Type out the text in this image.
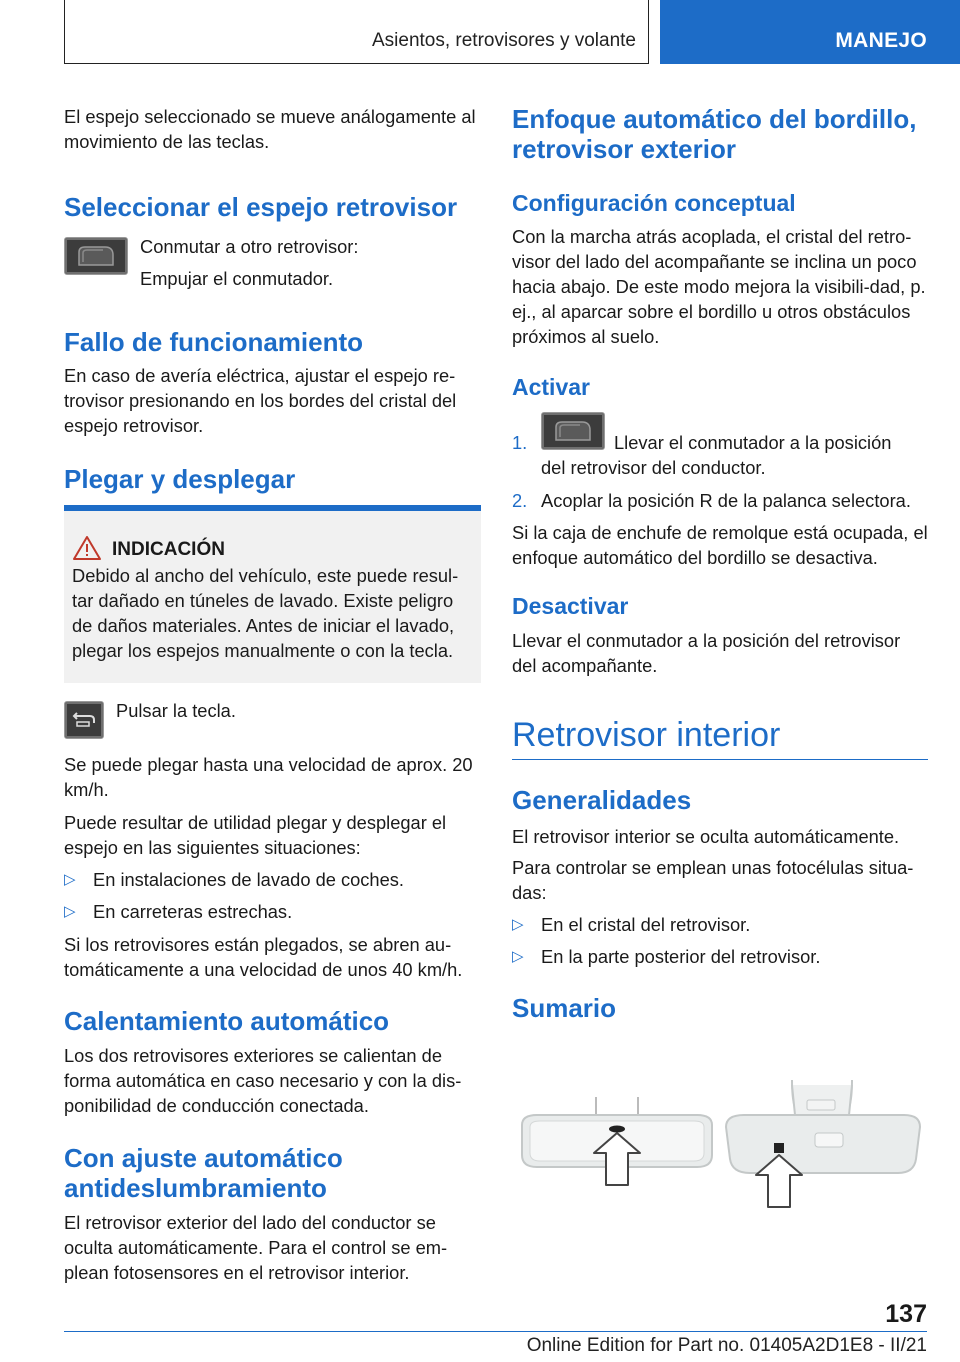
Asientos, retrovisores y volante	MANEJO

El espejo seleccionado se mueve análogamente al movimiento de las teclas.

Seleccionar el espejo retrovisor

Conmutar a otro retrovisor:

Empujar el conmutador.

Fallo de funcionamiento

En caso de avería eléctrica, ajustar el espejo re‐trovisor presionando en los bordes del cristal del espejo retrovisor.

Plegar y desplegar
INDICACIÓN
Debido al ancho del vehículo, este puede resul‐tar dañado en túneles de lavado. Existe peligro de daños materiales. Antes de iniciar el lavado, plegar los espejos manualmente o con la tecla.

Pulsar la tecla.

Se puede plegar hasta una velocidad de aprox. 20 km/h.

Puede resultar de utilidad plegar y desplegar el espejo en las siguientes situaciones:

▷ En instalaciones de lavado de coches.

▷ En carreteras estrechas.

Si los retrovisores están plegados, se abren au‐tomáticamente a una velocidad de unos 40 km/h.

Calentamiento automático

Los dos retrovisores exteriores se calientan de forma automática en caso necesario y con la dis‐ponibilidad de conducción conectada.

Con ajuste automático antideslumbramiento

El retrovisor exterior del lado del conductor se oculta automáticamente. Para el control se em‐plean fotosensores en el retrovisor interior.

Enfoque automático del bordillo, retrovisor exterior
Configuración conceptual

Con la marcha atrás acoplada, el cristal del retro‐visor del lado del acompañante se inclina un poco hacia abajo. De este modo mejora la visibili‐dad, p. ej., al aparcar sobre el bordillo u otros obstáculos próximos al suelo.

Activar
1.	Llevar el conmutador a la posición

del retrovisor del conductor.

2. Acoplar la posición R de la palanca selectora.

Si la caja de enchufe de remolque está ocupada, el enfoque automático del bordillo se desactiva.

Desactivar

Llevar el conmutador a la posición del retrovisor del acompañante.

Retrovisor interior
Generalidades

El retrovisor interior se oculta automáticamente.

Para controlar se emplean unas fotocélulas situa‐das:

▷ En el cristal del retrovisor.

▷ En la parte posterior del retrovisor.

Sumario
137
Online Edition for Part no. 01405A2D1E8 - II/21
